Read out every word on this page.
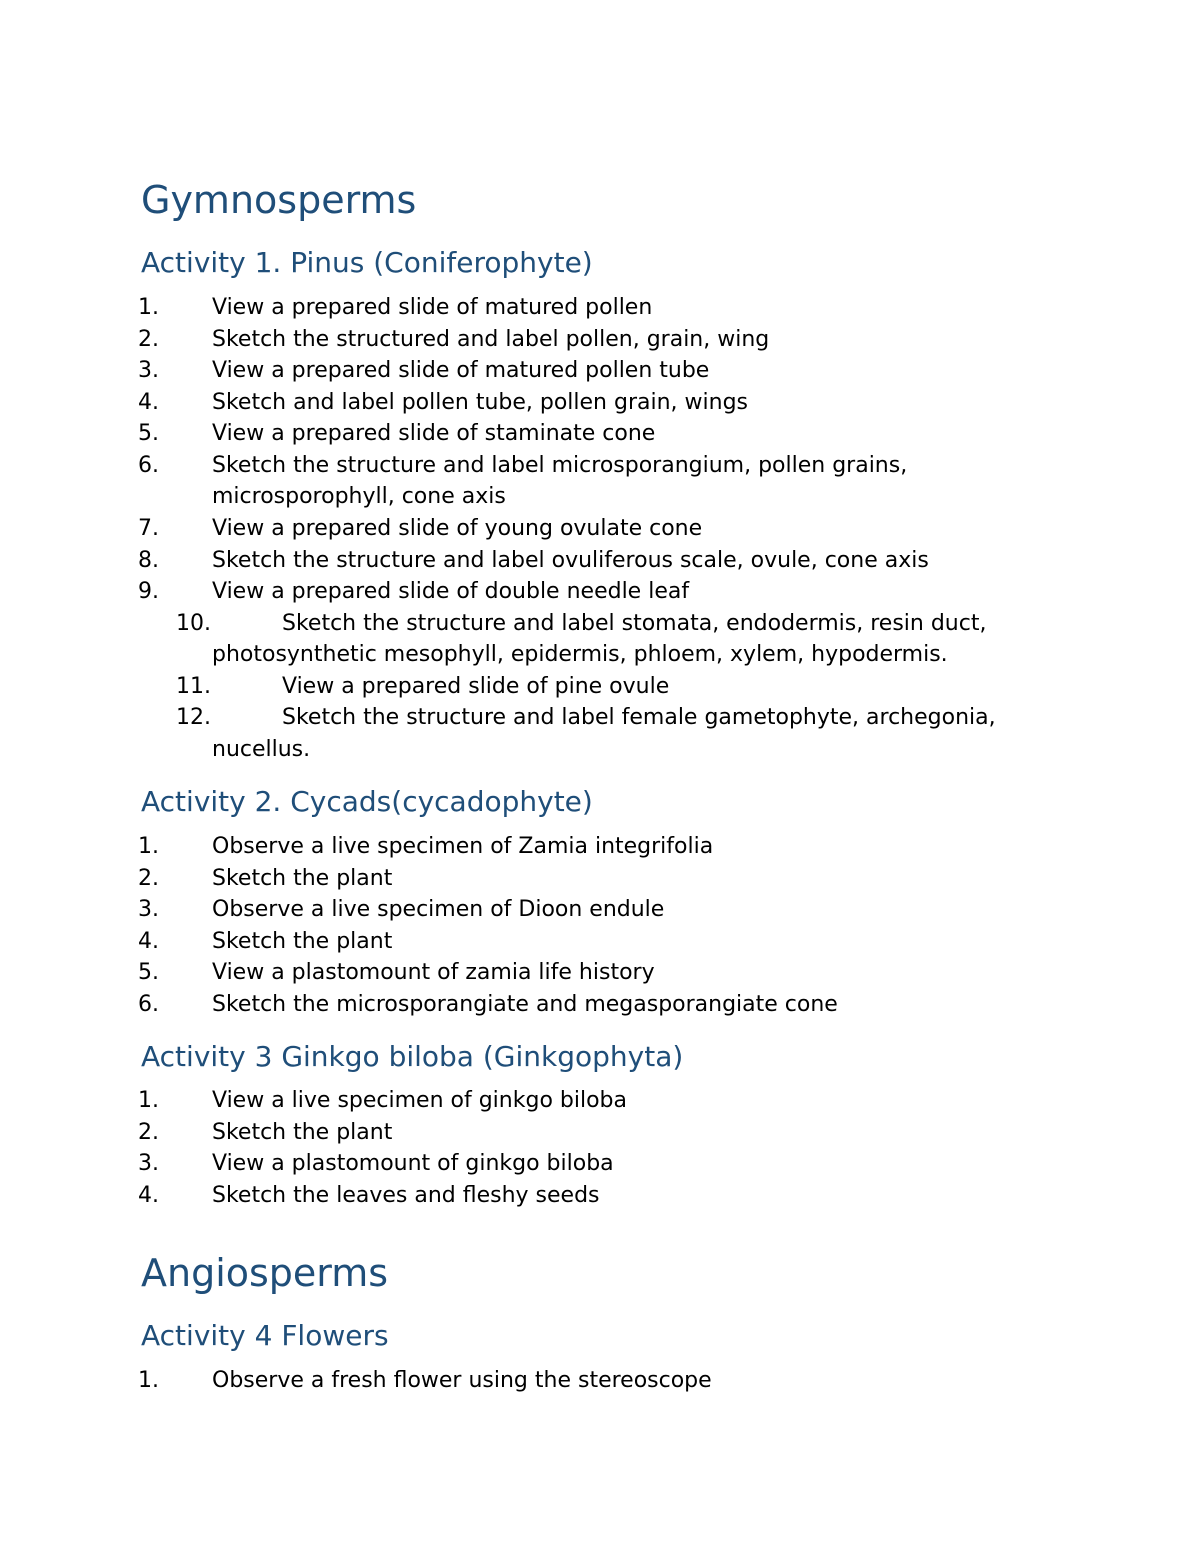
Gymnosperms
Activity 1. Pinus (Coniferophyte)
1. View a prepared slide of matured pollen
2. Sketch the structured and label pollen, grain, wing
3. View a prepared slide of matured pollen tube
4. Sketch and label pollen tube, pollen grain, wings
5. View a prepared slide of staminate cone
6. Sketch the structure and label microsporangium, pollen grains,
microsporophyll, cone axis
7. View a prepared slide of young ovulate cone
8. Sketch the structure and label ovuliferous scale, ovule, cone axis
9. View a prepared slide of double needle leaf
10.	Sketch the structure and label stomata, endodermis, resin duct,
photosynthetic mesophyll, epidermis, phloem, xylem, hypodermis.
11.	View a prepared slide of pine ovule
12.	Sketch the structure and label female gametophyte, archegonia,
nucellus.
Activity 2. Cycads(cycadophyte)
1. Observe a live specimen of Zamia integrifolia
2. Sketch the plant
3. Observe a live specimen of Dioon endule
4. Sketch the plant
5. View a plastomount of zamia life history
6. Sketch the microsporangiate and megasporangiate cone
Activity 3 Ginkgo biloba (Ginkgophyta)
1. View a live specimen of ginkgo biloba
2. Sketch the plant
3. View a plastomount of ginkgo biloba
4. Sketch the leaves and fleshy seeds
Angiosperms
Activity 4 Flowers
1. Observe a fresh flower using the stereoscope
